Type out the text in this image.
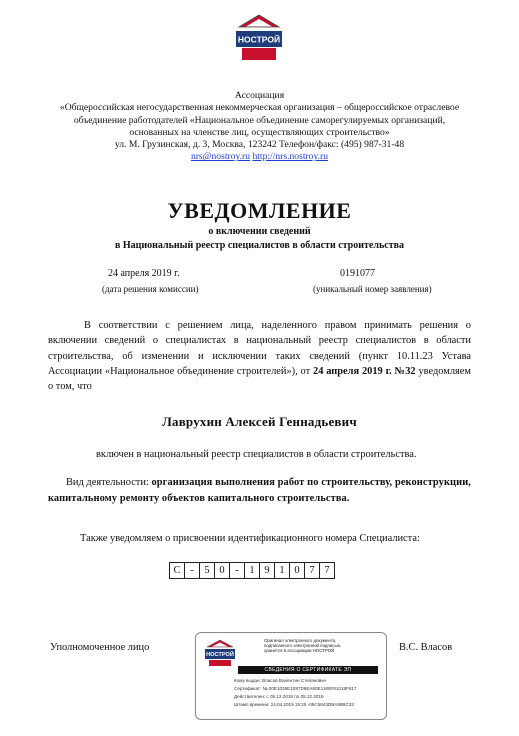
НОСТРОЙ
Ассоциация
«Общероссийская негосударственная некоммерческая организация – общероссийское отраслевое
объединение работодателей «Национальное объединение саморегулируемых организаций,
основанных на членстве лиц, осуществляющих строительство»
ул. М. Грузинская, д. 3, Москва, 123242 Телефон/факс: (495) 987-31-48
nrs@nostroy.ru http://nrs.nostroy.ru
УВЕДОМЛЕНИЕ
о включении сведений
в Национальный реестр специалистов в области строительства
24 апреля 2019 г.
(дата решения комиссии)
0191077
(уникальный номер заявления)
В соответствии с решением лица, наделенного правом принимать решения о включении сведений о специалистах в национальный реестр специалистов в области строительства, об изменении и исключении таких сведений (пункт 10.11.23 Устава Ассоциации «Национальное объединение строителей»), от 24 апреля 2019 г. №32 уведомляем о том, что
Лаврухин Алексей Геннадьевич
включен в национальный реестр специалистов в области строительства.
Вид деятельности: организация выполнения работ по строительству, реконструкции, капитальному ремонту объектов капитального строительства.
Также уведомляем о присвоении идентификационного номера Специалиста:
С	-	5	0	-	1	9	1	0	7	7
Уполномоченное лицо	В.С. Власов
НОСТРОЙ
Оригинал электронного документа,
подписанного электронной подписью,
хранится в ассоциации НОСТРОЙ
СВЕДЕНИЯ О СЕРТИФИКАТЕ ЭП
Кому выдан: Власов Валентин Степанович
Сертификат: № 00E1036E1097D6EA60E1185F81018F617
Действителен: с 05.12.2018 по 05.12.2019
Штамп времени: 24.04.2019 15:25 -09C6643DBA95BC33
